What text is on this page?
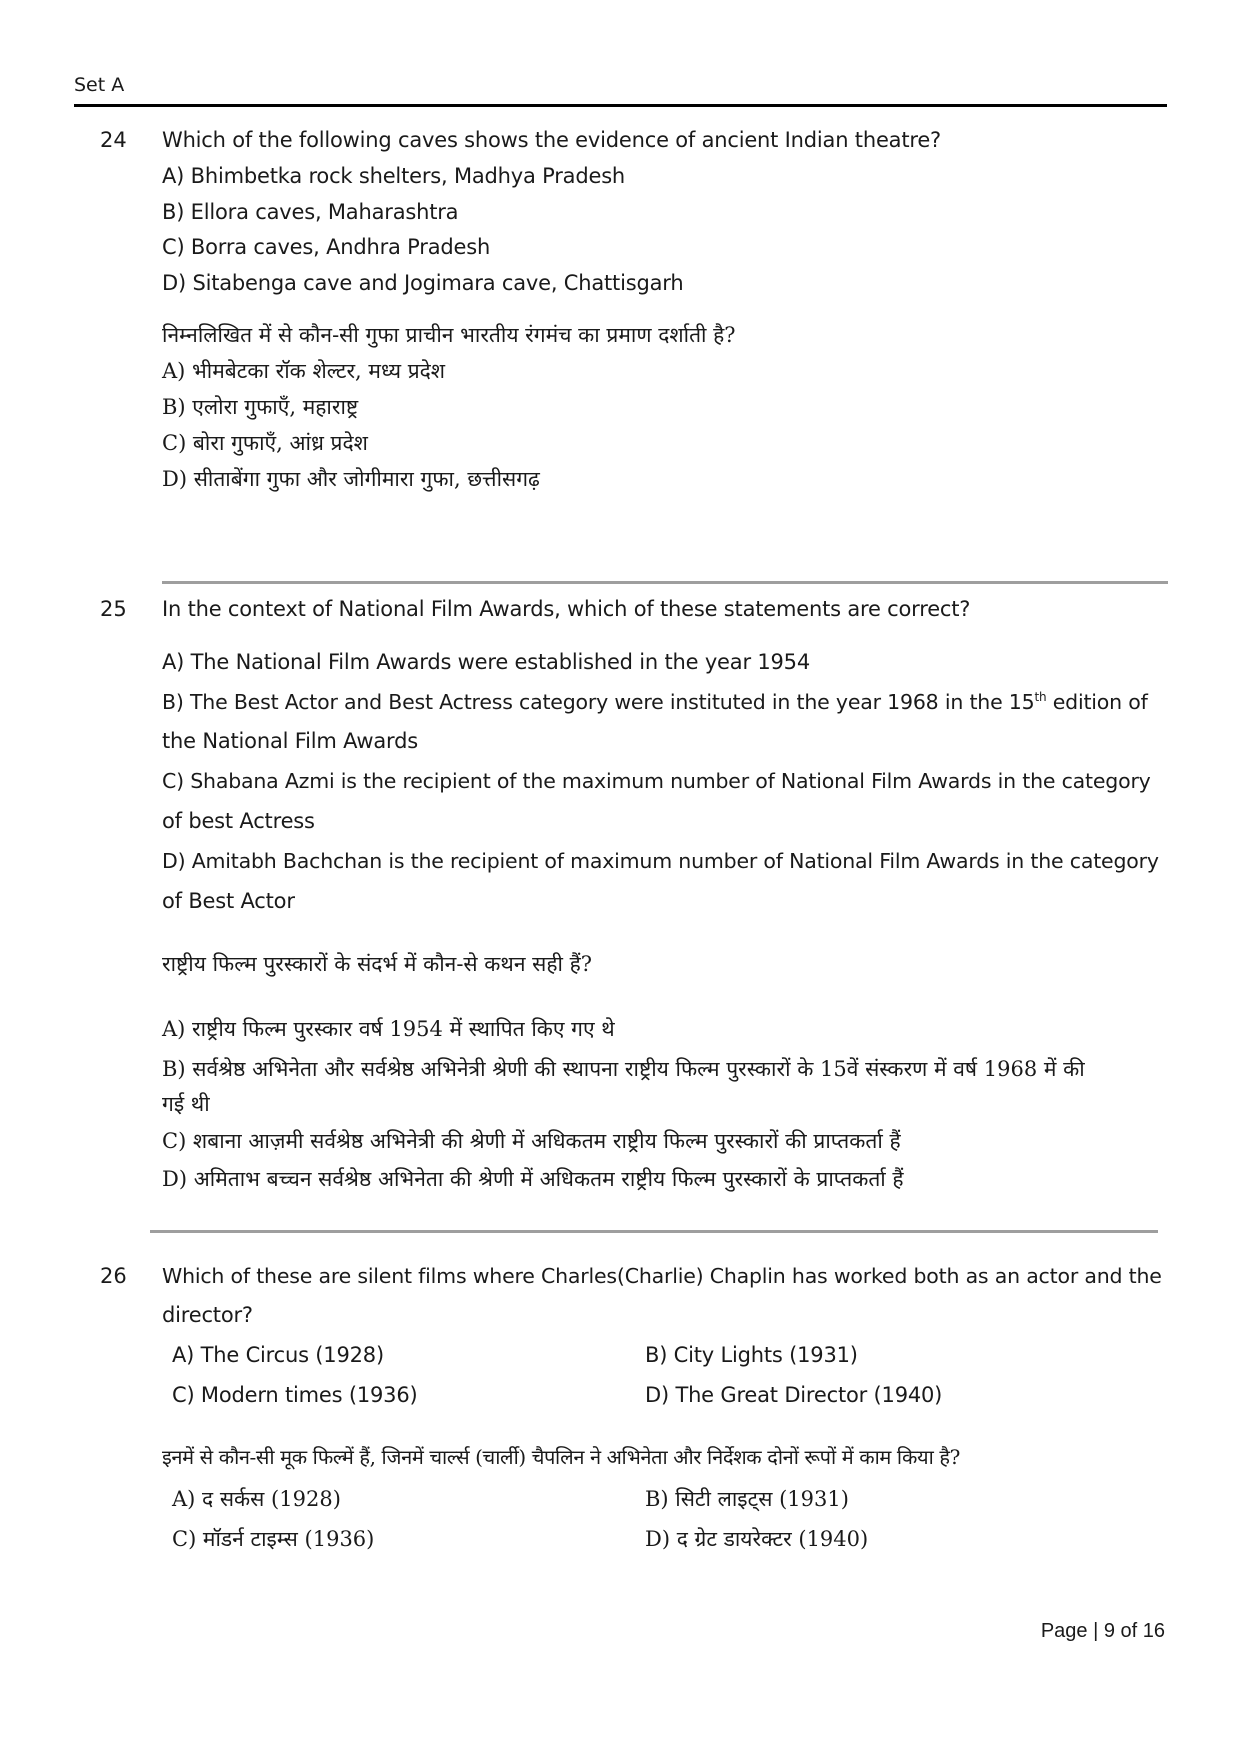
Set A
24 Which of the following caves shows the evidence of ancient Indian theatre?
A) Bhimbetka rock shelters, Madhya Pradesh
B) Ellora caves, Maharashtra
C) Borra caves, Andhra Pradesh
D) Sitabenga cave and Jogimara cave, Chattisgarh
निम्नलिखित में से कौन-सी गुफा प्राचीन भारतीय रंगमंच का प्रमाण दर्शाती है?
A) भीमबेटका रॉक शेल्टर, मध्य प्रदेश
B) एलोरा गुफाएँ, महाराष्ट्र
C) बोरा गुफाएँ, आंध्र प्रदेश
D) सीताबेंगा गुफा और जोगीमारा गुफा, छत्तीसगढ़
25 In the context of National Film Awards, which of these statements are correct?
A) The National Film Awards were established in the year 1954
B) The Best Actor and Best Actress category were instituted in the year 1968 in the 15th edition of
the National Film Awards
C) Shabana Azmi is the recipient of the maximum number of National Film Awards in the category
of best Actress
D) Amitabh Bachchan is the recipient of maximum number of National Film Awards in the category
of Best Actor
राष्ट्रीय फिल्म पुरस्कारों के संदर्भ में कौन-से कथन सही हैं?
A) राष्ट्रीय फिल्म पुरस्कार वर्ष 1954 में स्थापित किए गए थे
B) सर्वश्रेष्ठ अभिनेता और सर्वश्रेष्ठ अभिनेत्री श्रेणी की स्थापना राष्ट्रीय फिल्म पुरस्कारों के 15वें संस्करण में वर्ष 1968 में की
गई थी
C) शबाना आज़मी सर्वश्रेष्ठ अभिनेत्री की श्रेणी में अधिकतम राष्ट्रीय फिल्म पुरस्कारों की प्राप्तकर्ता हैं
D) अमिताभ बच्चन सर्वश्रेष्ठ अभिनेता की श्रेणी में अधिकतम राष्ट्रीय फिल्म पुरस्कारों के प्राप्तकर्ता हैं
26 Which of these are silent films where Charles(Charlie) Chaplin has worked both as an actor and the
director?
A) The Circus (1928)	B) City Lights (1931)
C) Modern times (1936)	D) The Great Director (1940)
इनमें से कौन-सी मूक फिल्में हैं, जिनमें चार्ल्स (चार्ली) चैपलिन ने अभिनेता और निर्देशक दोनों रूपों में काम किया है?
A) द सर्कस (1928)	B) सिटी लाइट्स (1931)
C) मॉडर्न टाइम्स (1936)	D) द ग्रेट डायरेक्टर (1940)
Page | 9 of 16
